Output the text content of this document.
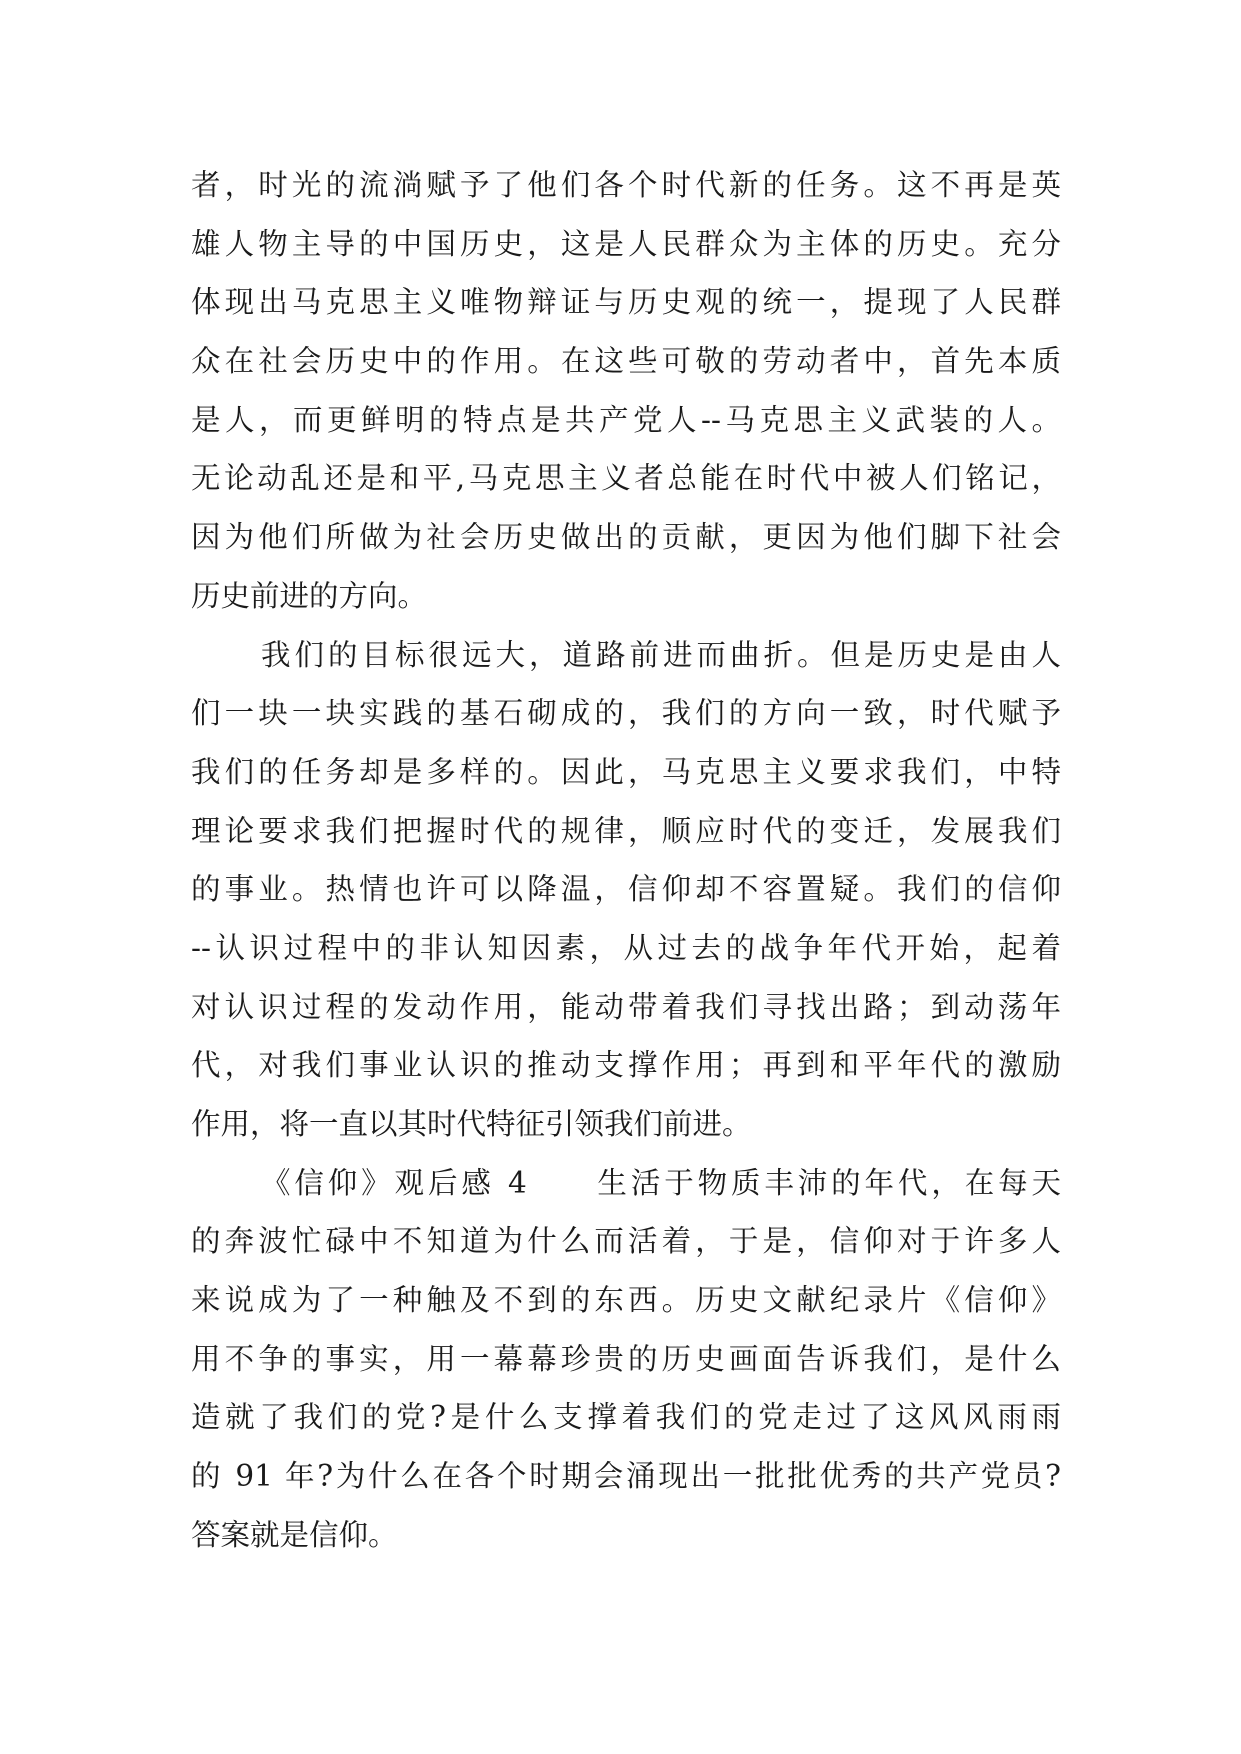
者，时光的流淌赋予了他们各个时代新的任务。这不再是英
雄人物主导的中国历史，这是人民群众为主体的历史。充分
体现出马克思主义唯物辩证与历史观的统一，提现了人民群
众在社会历史中的作用。在这些可敬的劳动者中，首先本质
是人，而更鲜明的特点是共产党人--马克思主义武装的人。
无论动乱还是和平,马克思主义者总能在时代中被人们铭记，
因为他们所做为社会历史做出的贡献，更因为他们脚下社会
历史前进的方向。
我们的目标很远大，道路前进而曲折。但是历史是由人
们一块一块实践的基石砌成的，我们的方向一致，时代赋予
我们的任务却是多样的。因此，马克思主义要求我们，中特
理论要求我们把握时代的规律，顺应时代的变迁，发展我们
的事业。热情也许可以降温，信仰却不容置疑。我们的信仰
--认识过程中的非认知因素，从过去的战争年代开始，起着
对认识过程的发动作用，能动带着我们寻找出路；到动荡年
代，对我们事业认识的推动支撑作用；再到和平年代的激励
作用，将一直以其时代特征引领我们前进。
《信仰》观后感 4　　生活于物质丰沛的年代，在每天
的奔波忙碌中不知道为什么而活着，于是，信仰对于许多人
来说成为了一种触及不到的东西。历史文献纪录片《信仰》
用不争的事实，用一幕幕珍贵的历史画面告诉我们，是什么
造就了我们的党?是什么支撑着我们的党走过了这风风雨雨
的 91 年?为什么在各个时期会涌现出一批批优秀的共产党员?
答案就是信仰。
